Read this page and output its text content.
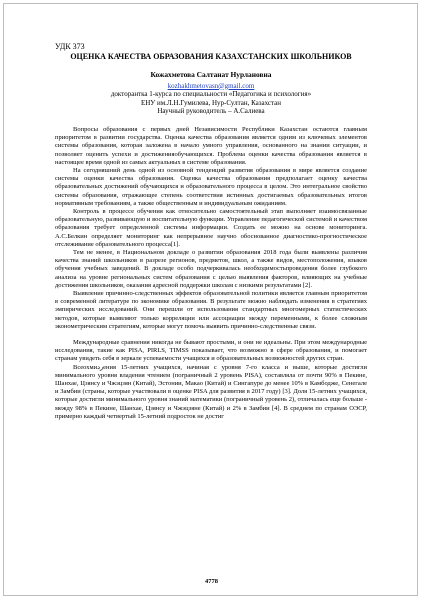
УДК 373

ОЦЕНКА КАЧЕСТВА ОБРАЗОВАНИЯ КАЗАХСТАНСКИХ ШКОЛЬНИКОВ

Кожахметова Салтанат Нурлановна
kozhakhmetovasn@gmail.com
докторантка 1-курса по специальности «Педагогика и психология»
ЕНУ им.Л.Н.Гумилева, Нур-Султан, Казахстан
Научный руководитель – А.Салиева

Вопросы образования с первых дней Независимости Республики Казахстан остаются главным приоритетом в развитии государства. Оценка качества образования является одним из ключевых элементов системы образования, которая заложена в начало умного управления, основанного на знании ситуации, и позволяет оценить успехи и достиженияобучающихся. Проблема оценки качества образования является в настоящее время одной из самых актуальных в системе образования.

На сегодняшний день одной из основной тенденций развития образования в мире является создание системы оценки качества образования. Оценка качества образования предполагает оценку качества образовательных достижений обучающихся и образовательного процесса в целом. Это интегральное свойство системы образования, отражающее степень соответствия истинных достигаемых образовательных итогов нормативным требованиям, а также общественным и индивидуальным ожиданиям.

Контроль в процессе обучения как относительно самостоятельный этап выполняет взаимосвязанные образовательную, развивающую и воспитательную функции. Управление педагогической системой и качеством образования требует определенной системы информации. Создать ее можно на основе мониторинга. А.С.Белкин определяет мониторинг как непрерывное научно обоснованное диагностико-прогностическое отслеживание образовательного процесса[1].

Тем не менее, в Национальном докладе о развитии образования 2018 года были выявлены различия качества знаний школьников в разрезе регионов, предметов, школ, а также видов, местоположения, языков обучения учебных заведений. В докладе особо подчеркивалась необходимостьпроведения более глубокого анализа на уровне региональных систем образования с целью выявления факторов, влияющих на учебные достижения школьников, оказания адресной поддержки школам с низкими результатами [2].

Выявление причинно-следственных эффектов образовательной политики является главным приоритетом в современной литературе по экономике образования. В результате можно наблюдать изменения в стратегиях эмпирических исследований. Они перешли от использования стандартных многомерных статистических методов, которые выявляют только корреляции или ассоциации между переменными, к более сложным эконометрическим стратегиям, которые могут помочь выявить причинно-следственные связи.

Международные сравнения никогда не бывают простыми, и они не идеальны. При этом международные исследования, такие как PISA, PIRLS, TIMSS показывает, что возможно в сфере образования, и помогает странам увидеть себя в зеркале успеваемости учащихся и образовательных возможностей других стран.

Всеохмиردения 15-летних учащихся, начиная с уровня 7-го класса и выше, которые достигли минимального уровня владения чтением (пограничный 2 уровень PISA), составляла от почти 90% в Пекине, Шанхае, Цзянсу и Чжэцзян (Китай), Эстонии, Макао (Китай) и Сингапуре до менее 10% в Камбодже, Сенегале и Замбии (страны, которые участвовали в оценке PISA для развития в 2017 году) [3]. Доля 15-летних учащихся, которые достигли минимального уровня знаний математики (пограничный уровень 2), отличалась еще больше - между 98% в Пекине, Шанхае, Цзянсу и Чжэцзяне (Китай) и 2% в Замбии [4]. В среднем по странам ОЭСР, примерно каждый четвертый 15-летний подросток не достиг

4778
